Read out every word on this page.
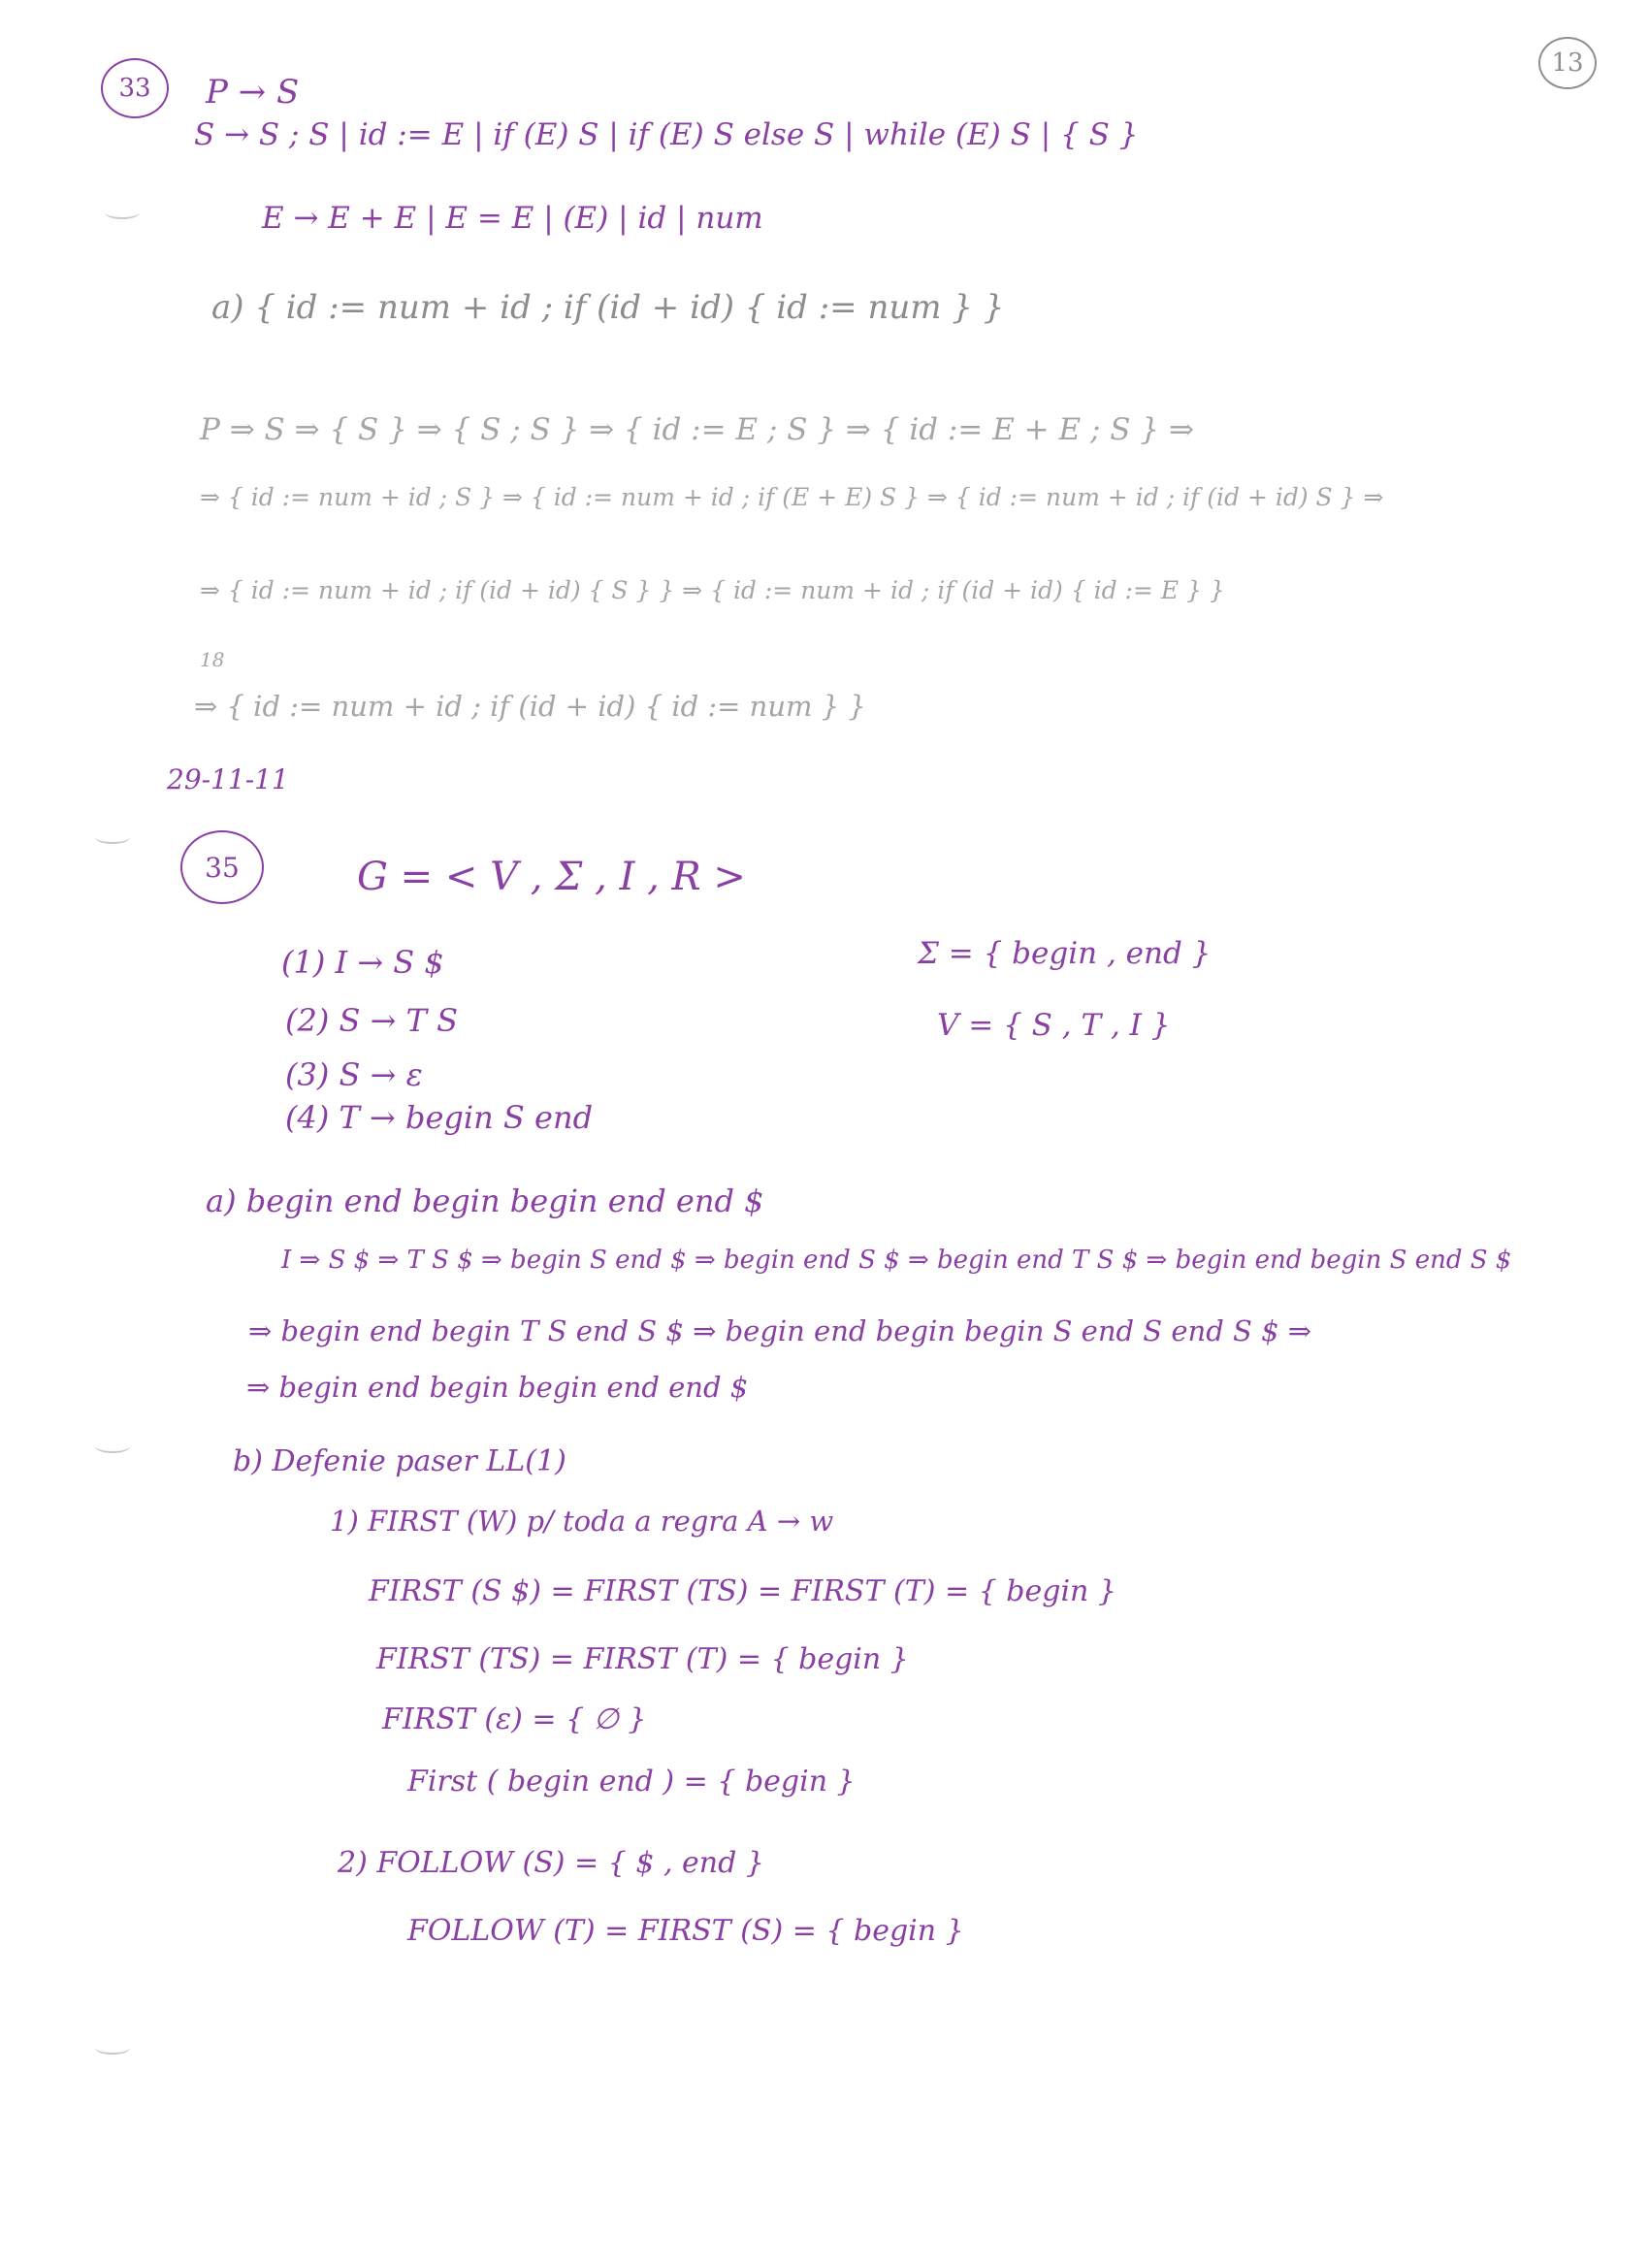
13
33 P → S
S → S ; S | id := E | if (E) S | if (E) S else S | while (E) S | { S }
E → E + E | E = E | (E) | id | num
a) { id := num + id ; if (id + id) { id := num } }
P ⇒ S ⇒ { S } ⇒ { S ; S } ⇒ { id := E ; S } ⇒ { id := E + E ; S } ⇒
⇒ { id := num + id ; S } ⇒ { id := num + id ; if (E + E) S } ⇒ { id := num + id ; if (id + id) S } ⇒
⇒ { id := num + id ; if (id + id) { S } } ⇒ { id := num + id ; if (id + id) { id := E } }
18
⇒ { id := num + id ; if (id + id) { id := num } }
29-11-11
35	G = < V , Σ , I , R >
(1) I → S $
(2) S → T S
(3) S → ε
(4) T → begin S end
Σ = { begin , end }
V = { S , T , I }
a) begin end begin begin end end $
I ⇒ S $ ⇒ T S $ ⇒ begin S end $ ⇒ begin end S $ ⇒ begin end T S $ ⇒ begin end begin S end S $
⇒ begin end begin T S end S $ ⇒ begin end begin begin S end S end S $ ⇒
⇒ begin end begin begin end end $
b) Defenie paser LL(1)
1) FIRST (W) p/ toda a regra A → w
FIRST (S $) = FIRST (TS) = FIRST (T) = { begin }
FIRST (TS) = FIRST (T) = { begin }
FIRST (ε) = { ∅ }
First ( begin end ) = { begin }
2) FOLLOW (S) = { $ , end }
FOLLOW (T) = FIRST (S) = { begin }
